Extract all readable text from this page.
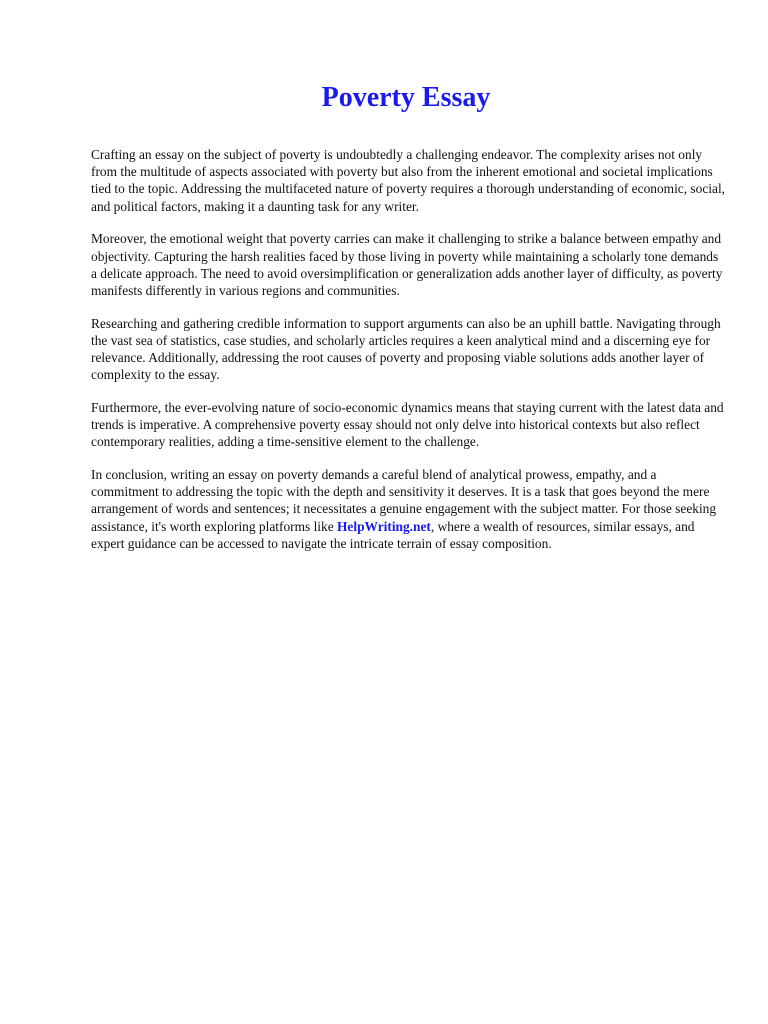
Poverty Essay

Crafting an essay on the subject of poverty is undoubtedly a challenging endeavor. The complexity arises not only from the multitude of aspects associated with poverty but also from the inherent emotional and societal implications tied to the topic. Addressing the multifaceted nature of poverty requires a thorough understanding of economic, social, and political factors, making it a daunting task for any writer.

Moreover, the emotional weight that poverty carries can make it challenging to strike a balance between empathy and objectivity. Capturing the harsh realities faced by those living in poverty while maintaining a scholarly tone demands a delicate approach. The need to avoid oversimplification or generalization adds another layer of difficulty, as poverty manifests differently in various regions and communities.

Researching and gathering credible information to support arguments can also be an uphill battle. Navigating through the vast sea of statistics, case studies, and scholarly articles requires a keen analytical mind and a discerning eye for relevance. Additionally, addressing the root causes of poverty and proposing viable solutions adds another layer of complexity to the essay.

Furthermore, the ever-evolving nature of socio-economic dynamics means that staying current with the latest data and trends is imperative. A comprehensive poverty essay should not only delve into historical contexts but also reflect contemporary realities, adding a time-sensitive element to the challenge.

In conclusion, writing an essay on poverty demands a careful blend of analytical prowess, empathy, and a commitment to addressing the topic with the depth and sensitivity it deserves. It is a task that goes beyond the mere arrangement of words and sentences; it necessitates a genuine engagement with the subject matter. For those seeking assistance, it's worth exploring platforms like HelpWriting.net, where a wealth of resources, similar essays, and expert guidance can be accessed to navigate the intricate terrain of essay composition.
